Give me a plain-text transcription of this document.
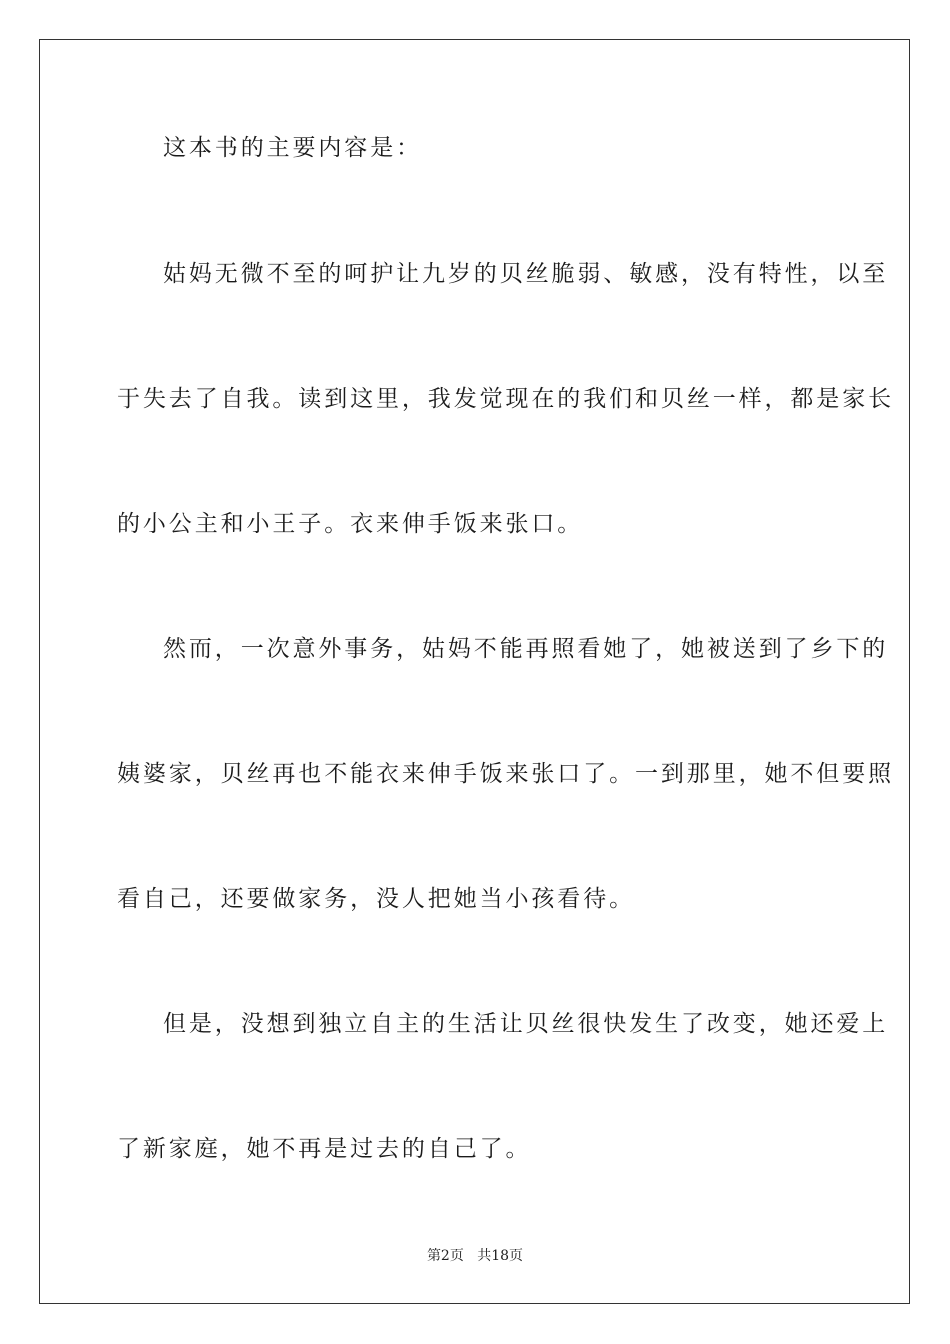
这本书的主要内容是：
姑妈无微不至的呵护让九岁的贝丝脆弱、敏感，没有特性，以至
于失去了自我。读到这里，我发觉现在的我们和贝丝一样，都是家长
的小公主和小王子。衣来伸手饭来张口。
然而，一次意外事务，姑妈不能再照看她了，她被送到了乡下的
姨婆家，贝丝再也不能衣来伸手饭来张口了。一到那里，她不但要照
看自己，还要做家务，没人把她当小孩看待。
但是，没想到独立自主的生活让贝丝很快发生了改变，她还爱上
了新家庭，她不再是过去的自己了。
第2页 共18页
